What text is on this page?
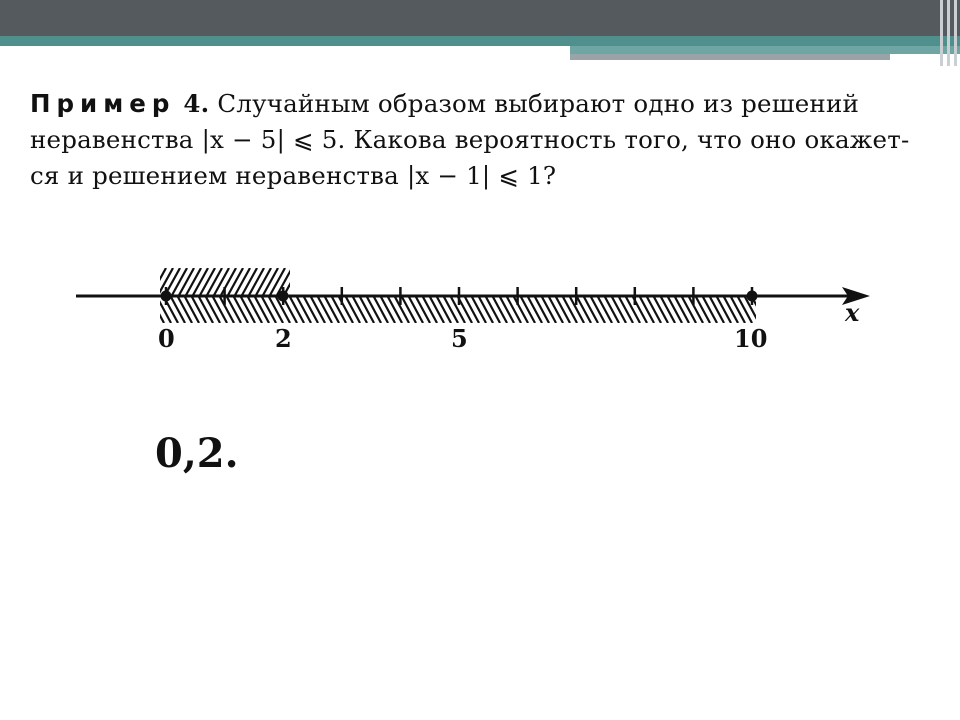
Пример 4. Случайным образом выбирают одно из решений
неравенства |x − 5| ⩽ 5. Какова вероятность того, что оно окажет-
ся и решением неравенства |x − 1| ⩽ 1?
0	2	5	10
x
0,2.
